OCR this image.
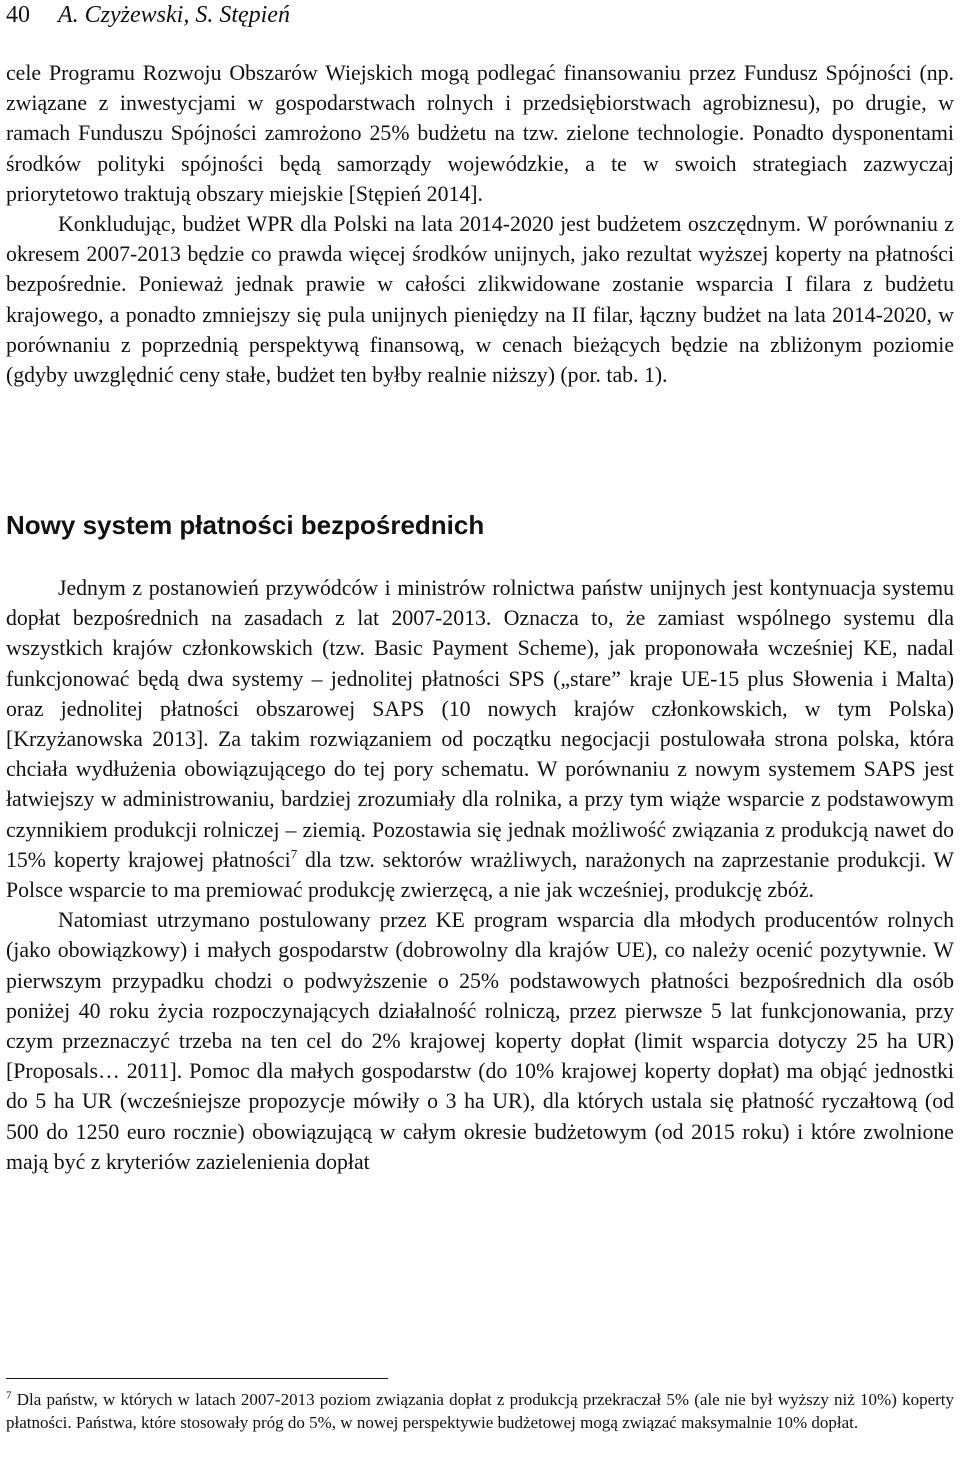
40 A. Czyżewski, S. Stępień

cele Programu Rozwoju Obszarów Wiejskich mogą podlegać finansowaniu przez Fundusz Spójności (np. związane z inwestycjami w gospodarstwach rolnych i przedsiębiorstwach agrobiznesu), po drugie, w ramach Funduszu Spójności zamrożono 25% budżetu na tzw. zielone technologie. Ponadto dysponentami środków polityki spójności będą samorządy wojewódzkie, a te w swoich strategiach zazwyczaj priorytetowo traktują obszary miejskie [Stępień 2014].

Konkludując, budżet WPR dla Polski na lata 2014-2020 jest budżetem oszczędnym. W porównaniu z okresem 2007-2013 będzie co prawda więcej środków unijnych, jako rezultat wyższej koperty na płatności bezpośrednie. Ponieważ jednak prawie w całości zlikwidowane zostanie wsparcia I filara z budżetu krajowego, a ponadto zmniejszy się pula unijnych pieniędzy na II filar, łączny budżet na lata 2014-2020, w porównaniu z poprzednią perspektywą finansową, w cenach bieżących będzie na zbliżonym poziomie (gdyby uwzględnić ceny stałe, budżet ten byłby realnie niższy) (por. tab. 1).

Nowy system płatności bezpośrednich

Jednym z postanowień przywódców i ministrów rolnictwa państw unijnych jest kontynuacja systemu dopłat bezpośrednich na zasadach z lat 2007-2013. Oznacza to, że zamiast wspólnego systemu dla wszystkich krajów członkowskich (tzw. Basic Payment Scheme), jak proponowała wcześniej KE, nadal funkcjonować będą dwa systemy – jednolitej płatności SPS („stare” kraje UE-15 plus Słowenia i Malta) oraz jednolitej płatności obszarowej SAPS (10 nowych krajów członkowskich, w tym Polska) [Krzyżanowska 2013]. Za takim rozwiązaniem od początku negocjacji postulowała strona polska, która chciała wydłużenia obowiązującego do tej pory schematu. W porównaniu z nowym systemem SAPS jest łatwiejszy w administrowaniu, bardziej zrozumiały dla rolnika, a przy tym wiąże wsparcie z podstawowym czynnikiem produkcji rolniczej – ziemią. Pozostawia się jednak możliwość związania z produkcją nawet do 15% koperty krajowej płatności$^7$ dla tzw. sektorów wrażliwych, narażonych na zaprzestanie produkcji. W Polsce wsparcie to ma premiować produkcję zwierzęcą, a nie jak wcześniej, produkcję zbóż.

Natomiast utrzymano postulowany przez KE program wsparcia dla młodych producentów rolnych (jako obowiązkowy) i małych gospodarstw (dobrowolny dla krajów UE), co należy ocenić pozytywnie. W pierwszym przypadku chodzi o podwyższenie o 25% podstawowych płatności bezpośrednich dla osób poniżej 40 roku życia rozpoczynających działalność rolniczą, przez pierwsze 5 lat funkcjonowania, przy czym przeznaczyć trzeba na ten cel do 2% krajowej koperty dopłat (limit wsparcia dotyczy 25 ha UR) [Proposals… 2011]. Pomoc dla małych gospodarstw (do 10% krajowej koperty dopłat) ma objąć jednostki do 5 ha UR (wcześniejsze propozycje mówiły o 3 ha UR), dla których ustala się płatność ryczałtową (od 500 do 1250 euro rocznie) obowiązującą w całym okresie budżetowym (od 2015 roku) i które zwolnione mają być z kryteriów zazielenienia dopłat

$^7$ Dla państw, w których w latach 2007-2013 poziom związania dopłat z produkcją przekraczał 5% (ale nie był wyższy niż 10%) koperty płatności. Państwa, które stosowały próg do 5%, w nowej perspektywie budżetowej mogą związać maksymalnie 10% dopłat.
